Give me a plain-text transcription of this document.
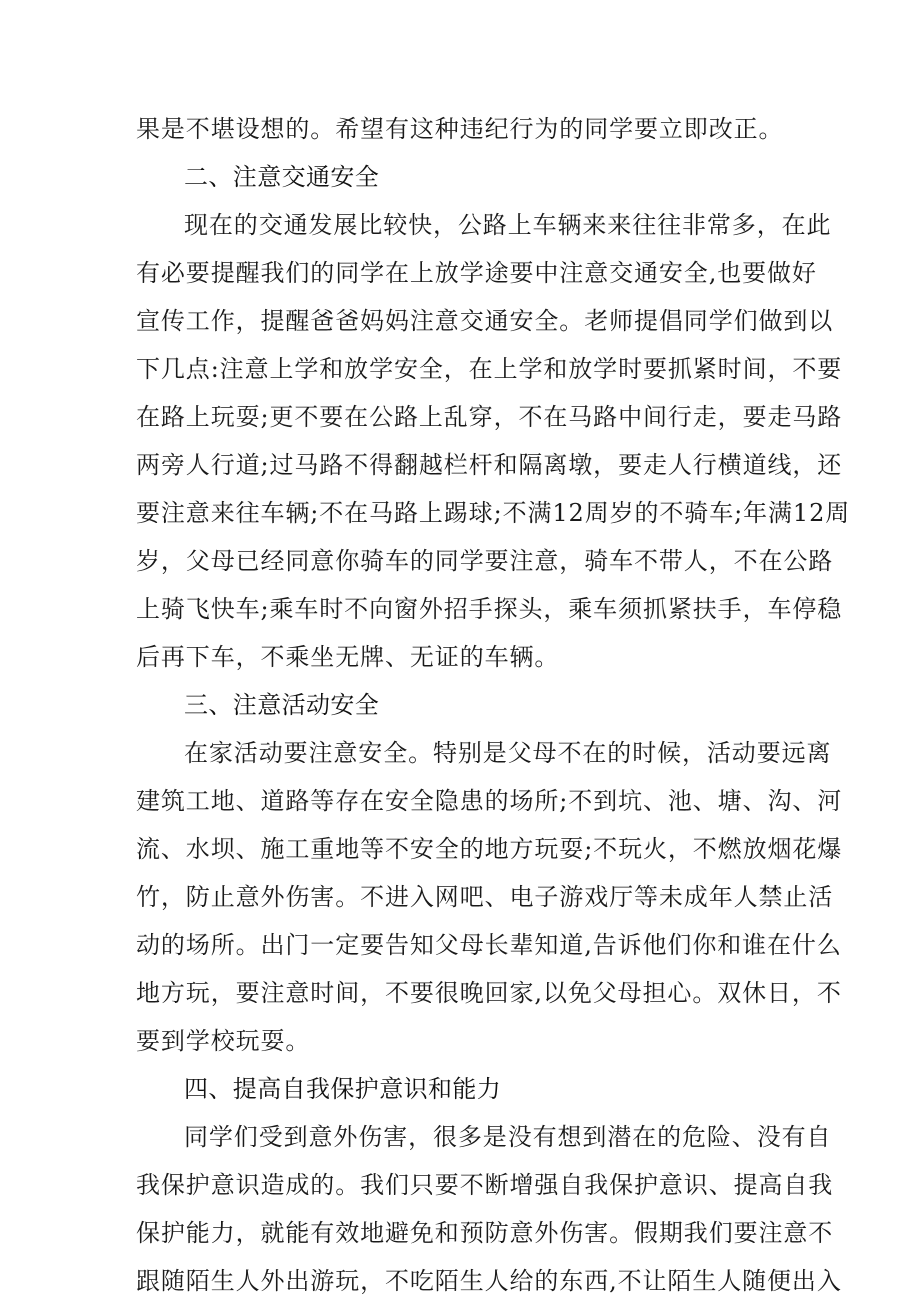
果是不堪设想的。希望有这种违纪行为的同学要立即改正。
二、注意交通安全
现在的交通发展比较快，公路上车辆来来往往非常多，在此
有必要提醒我们的同学在上放学途要中注意交通安全,也要做好
宣传工作，提醒爸爸妈妈注意交通安全。老师提倡同学们做到以
下几点:注意上学和放学安全，在上学和放学时要抓紧时间，不要
在路上玩耍;更不要在公路上乱穿，不在马路中间行走，要走马路
两旁人行道;过马路不得翻越栏杆和隔离墩，要走人行横道线，还
要注意来往车辆;不在马路上踢球;不满12周岁的不骑车;年满12周
岁，父母已经同意你骑车的同学要注意，骑车不带人，不在公路
上骑飞快车;乘车时不向窗外招手探头，乘车须抓紧扶手，车停稳
后再下车，不乘坐无牌、无证的车辆。
三、注意活动安全
在家活动要注意安全。特别是父母不在的时候，活动要远离
建筑工地、道路等存在安全隐患的场所;不到坑、池、塘、沟、河
流、水坝、施工重地等不安全的地方玩耍;不玩火，不燃放烟花爆
竹，防止意外伤害。不进入网吧、电子游戏厅等未成年人禁止活
动的场所。出门一定要告知父母长辈知道,告诉他们你和谁在什么
地方玩，要注意时间，不要很晚回家,以免父母担心。双休日，不
要到学校玩耍。
四、提高自我保护意识和能力
同学们受到意外伤害，很多是没有想到潜在的危险、没有自
我保护意识造成的。我们只要不断增强自我保护意识、提高自我
保护能力，就能有效地避免和预防意外伤害。假期我们要注意不
跟随陌生人外出游玩，不吃陌生人给的东西,不让陌生人随便出入
